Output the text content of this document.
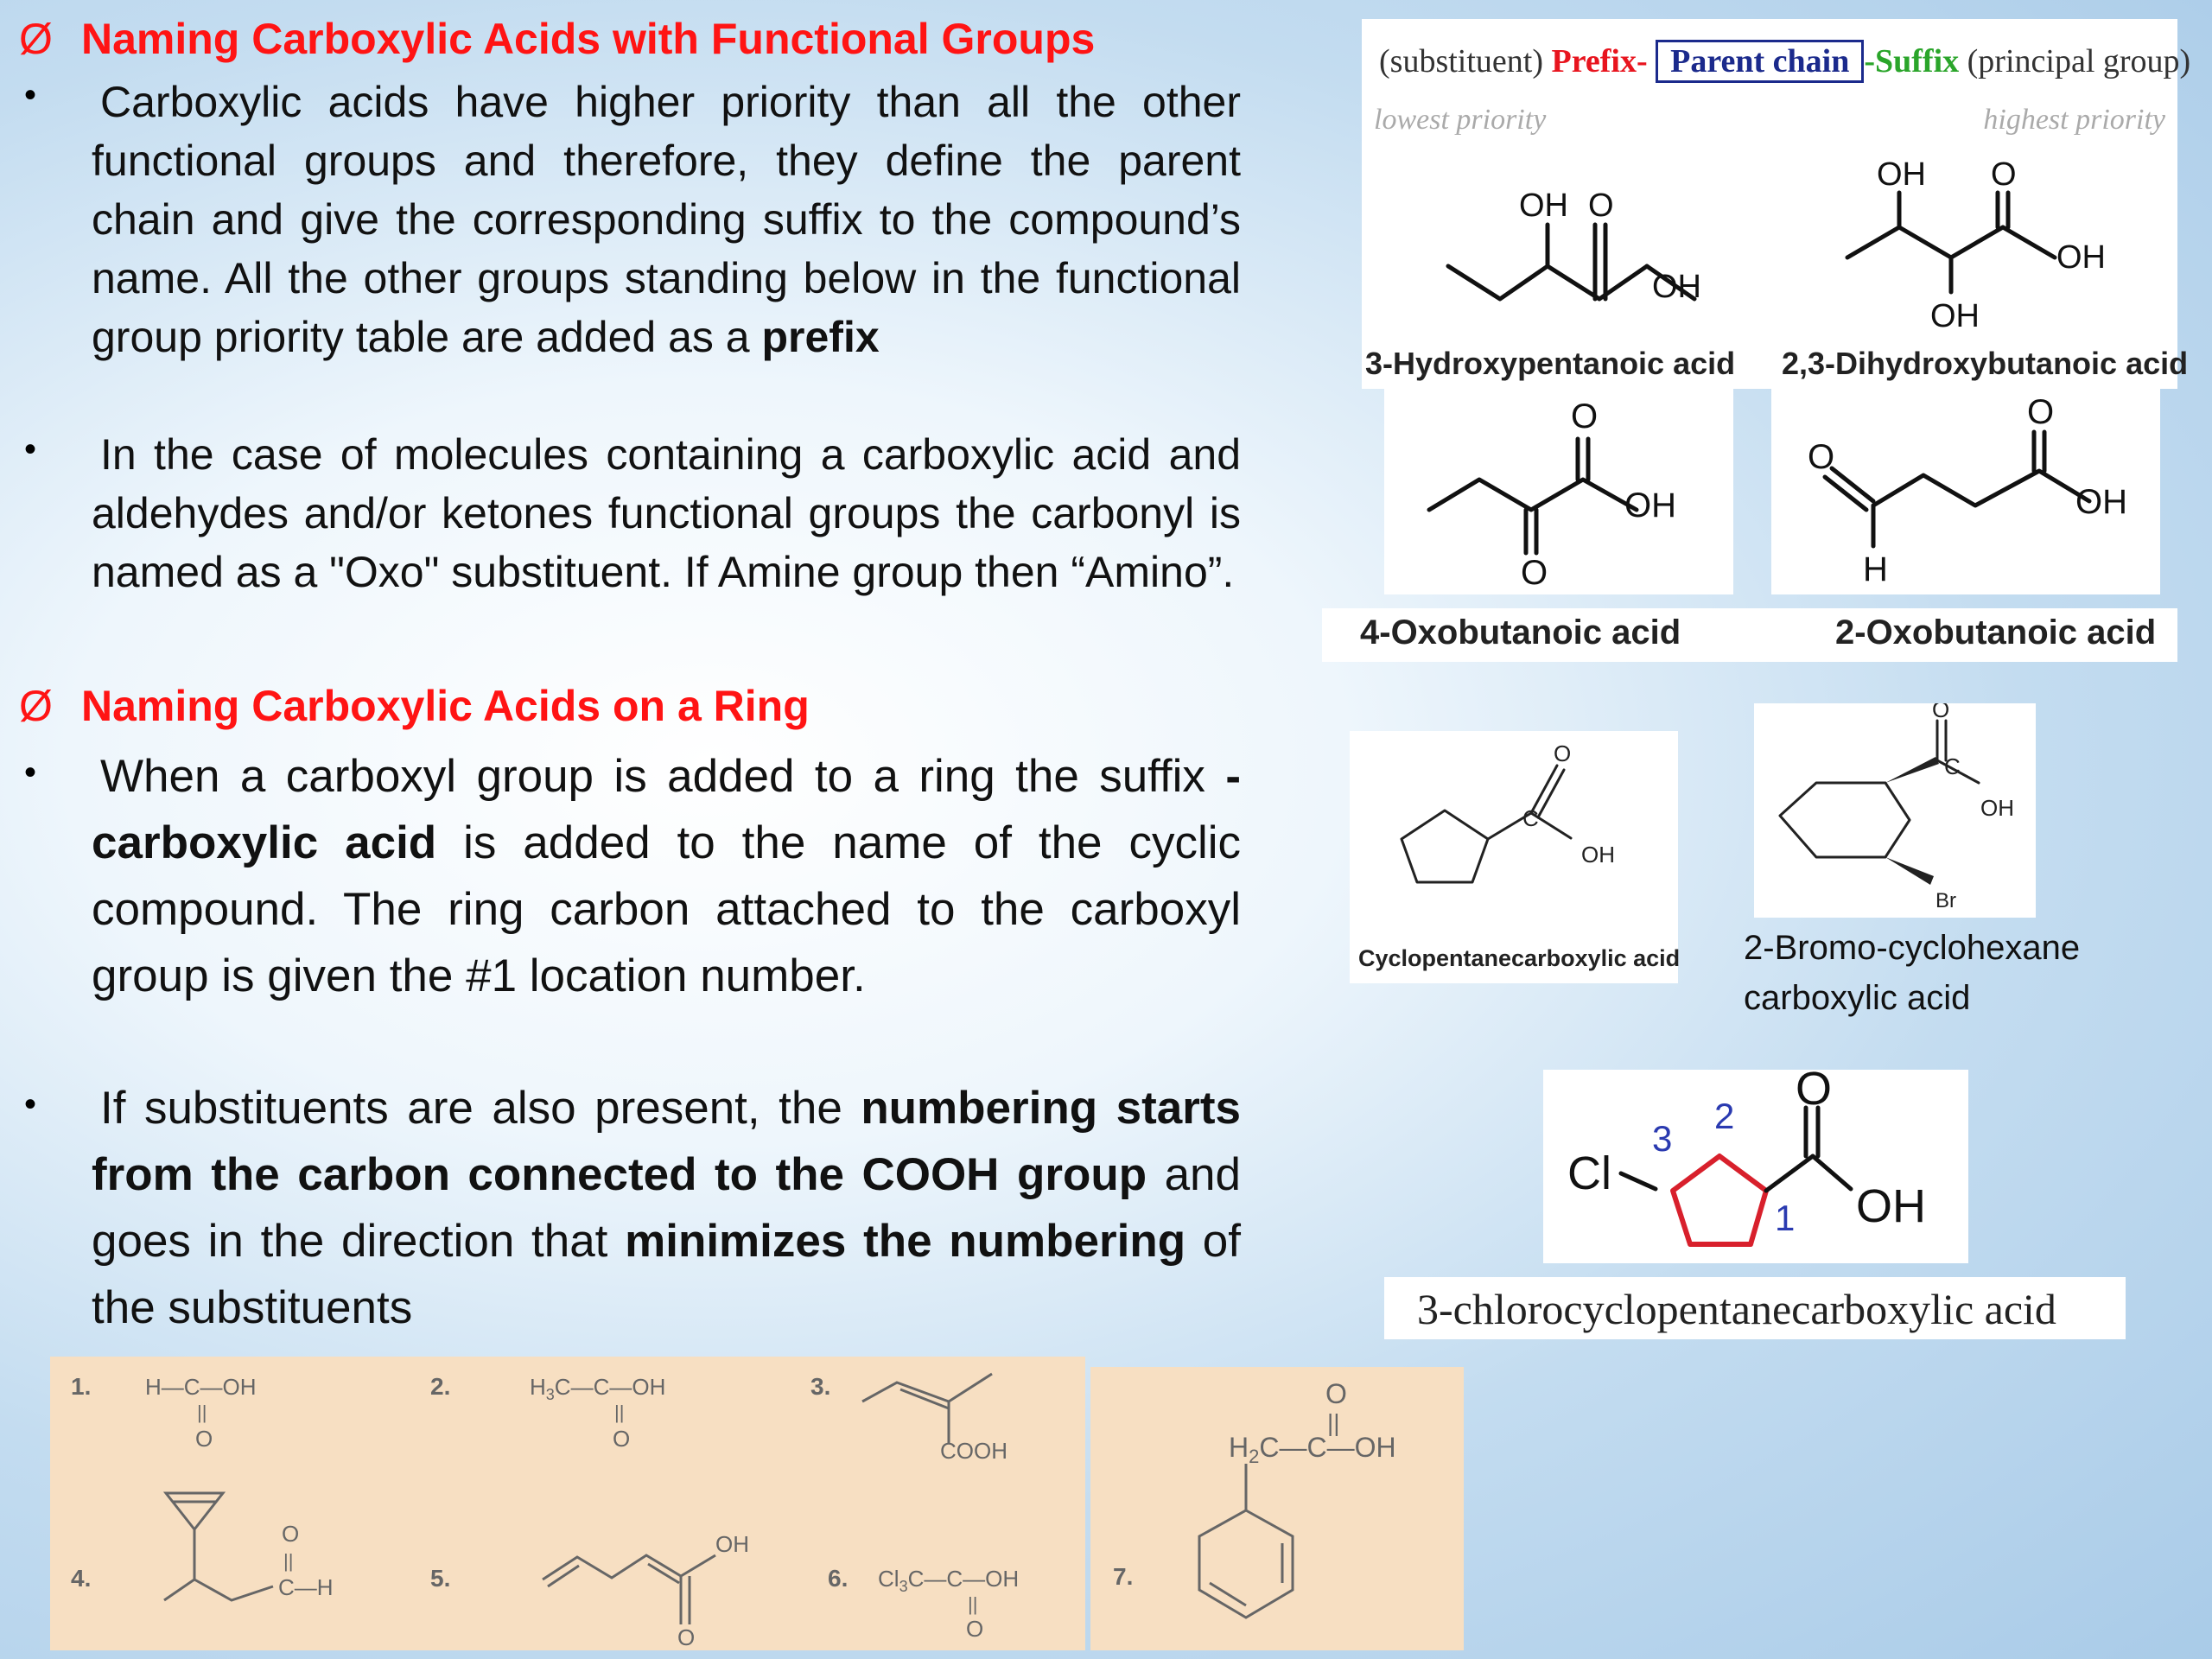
Ø Naming Carboxylic Acids with Functional Groups
• Carboxylic acids have higher priority than all the other functional groups and therefore, they define the parent chain and give the corresponding suffix to the compound’s name. All the other groups standing below in the functional group priority table are added as a prefix

• In the case of molecules containing a carboxylic acid and aldehydes and/or ketones functional groups the carbonyl is named as a "Oxo" substituent. If Amine group then “Amino”.

Ø Naming Carboxylic Acids on a Ring
• When a carboxyl group is added to a ring the suffix -carboxylic acid is added to the name of the cyclic compound. The ring carbon attached to the carboxyl group is given the #1 location number.

• If substituents are also present, the numbering starts from the carbon connected to the COOH group and goes in the direction that minimizes the numbering of the substituents

(substituent) Prefix- Parent chain -Suffix (principal group)
lowest priority	highest priority
OH O
OH
OH O
OH
OH
3-Hydroxypentanoic acid 2,3-Dihydroxybutanoic acid
O
OH
O
O
O
OH
H
4-Oxobutanoic acid	2-Oxobutanoic acid
O
C
OH
Cyclopentanecarboxylic acid
O
C
OH
Br
2-Bromo-cyclohexane
carboxylic acid
Cl
O
OH
1
2
3
3-chlorocyclopentanecarboxylic acid
1.	2.	3.
4.	5.	6.
H—C—OH
||
O
$H_3C—C—OH$
||
O	COOH
O
||
C—H
OH
O
$Cl_3C—C—OH$
||
O
7.
O
||
$H_2C—C—OH$
